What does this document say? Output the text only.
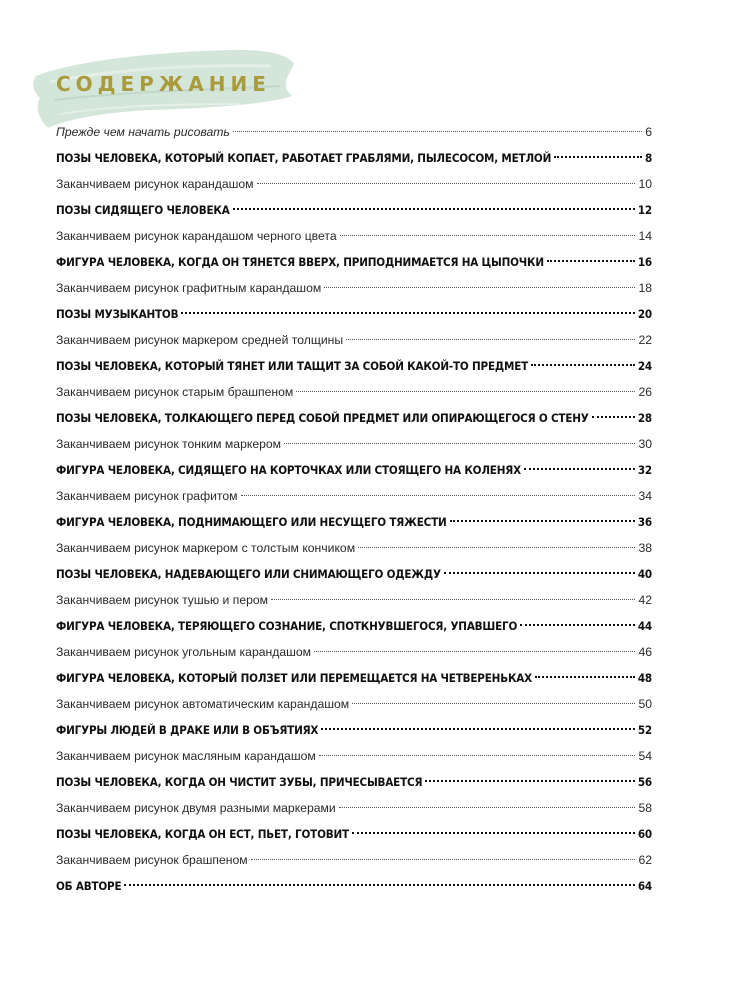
СОДЕРЖАНИЕ
Прежде чем начать рисовать	6
ПОЗЫ ЧЕЛОВЕКА, КОТОРЫЙ КОПАЕТ, РАБОТАЕТ ГРАБЛЯМИ, ПЫЛЕСОСОМ, МЕТЛОЙ	8
Заканчиваем рисунок карандашом	10
ПОЗЫ СИДЯЩЕГО ЧЕЛОВЕКА	12
Заканчиваем рисунок карандашом черного цвета	14
ФИГУРА ЧЕЛОВЕКА, КОГДА ОН ТЯНЕТСЯ ВВЕРХ, ПРИПОДНИМАЕТСЯ НА ЦЫПОЧКИ	16
Заканчиваем рисунок графитным карандашом	18
ПОЗЫ МУЗЫКАНТОВ	20
Заканчиваем рисунок маркером средней толщины	22
ПОЗЫ ЧЕЛОВЕКА, КОТОРЫЙ ТЯНЕТ ИЛИ ТАЩИТ ЗА СОБОЙ КАКОЙ-ТО ПРЕДМЕТ	24
Заканчиваем рисунок старым брашпеном	26
ПОЗЫ ЧЕЛОВЕКА, ТОЛКАЮЩЕГО ПЕРЕД СОБОЙ ПРЕДМЕТ ИЛИ ОПИРАЮЩЕГОСЯ О СТЕНУ	28
Заканчиваем рисунок тонким маркером	30
ФИГУРА ЧЕЛОВЕКА, СИДЯЩЕГО НА КОРТОЧКАХ ИЛИ СТОЯЩЕГО НА КОЛЕНЯХ	32
Заканчиваем рисунок графитом	34
ФИГУРА ЧЕЛОВЕКА, ПОДНИМАЮЩЕГО ИЛИ НЕСУЩЕГО ТЯЖЕСТИ	36
Заканчиваем рисунок маркером с толстым кончиком	38
ПОЗЫ ЧЕЛОВЕКА, НАДЕВАЮЩЕГО ИЛИ СНИМАЮЩЕГО ОДЕЖДУ	40
Заканчиваем рисунок тушью и пером	42
ФИГУРА ЧЕЛОВЕКА, ТЕРЯЮЩЕГО СОЗНАНИЕ, СПОТКНУВШЕГОСЯ, УПАВШЕГО	44
Заканчиваем рисунок угольным карандашом	46
ФИГУРА ЧЕЛОВЕКА, КОТОРЫЙ ПОЛЗЕТ ИЛИ ПЕРЕМЕЩАЕТСЯ НА ЧЕТВЕРЕНЬКАХ	48
Заканчиваем рисунок автоматическим карандашом	50
ФИГУРЫ ЛЮДЕЙ В ДРАКЕ ИЛИ В ОБЪЯТИЯХ	52
Заканчиваем рисунок масляным карандашом	54
ПОЗЫ ЧЕЛОВЕКА, КОГДА ОН ЧИСТИТ ЗУБЫ, ПРИЧЕСЫВАЕТСЯ	56
Заканчиваем рисунок двумя разными маркерами	58
ПОЗЫ ЧЕЛОВЕКА, КОГДА ОН ЕСТ, ПЬЕТ, ГОТОВИТ	60
Заканчиваем рисунок брашпеном	62
ОБ АВТОРЕ	64
